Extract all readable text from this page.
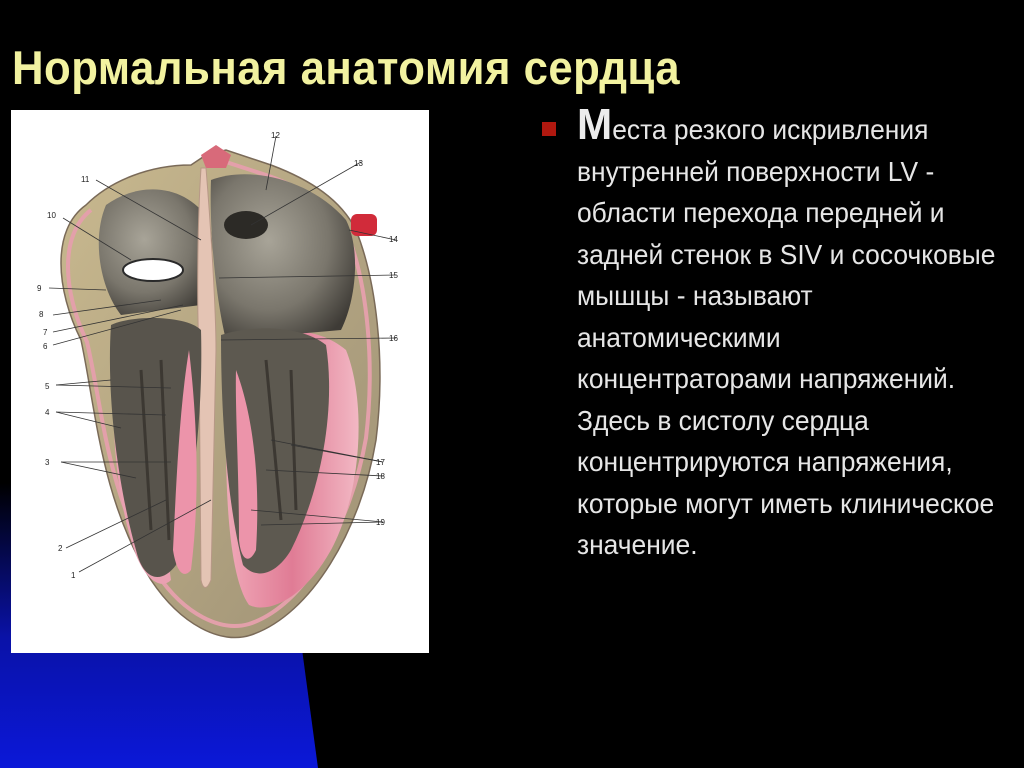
Нормальная анатомия сердца
1
2
3
4
5
6
7
8
9
10
11
12
13
14
15
16
17
18
19
Места резкого искривления внутренней поверхности LV - области перехода передней и задней стенок в SIV и сосочковые мышцы - называют анатомическими концентраторами напряжений. Здесь в систолу сердца концентрируются напряжения, которые могут иметь клиническое значение.
